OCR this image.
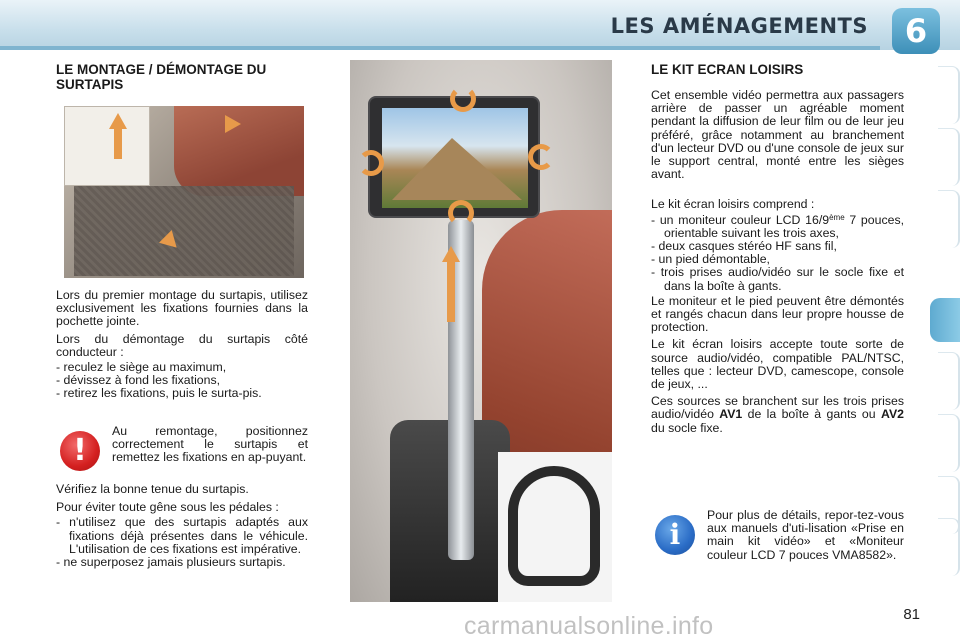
LES AMÉNAGEMENTS	6
LE MONTAGE / DÉMONTAGE DU SURTAPIS

Lors du premier montage du surtapis, utilisez exclusivement les fixations fournies dans la pochette jointe.

Lors du démontage du surtapis côté conducteur :

- reculez le siège au maximum,
- dévissez à fond les fixations,
- retirez les fixations, puis le surta-pis.
!
Au remontage, positionnez correctement le surtapis et remettez les fixations en ap-puyant.

Vérifiez la bonne tenue du surtapis.

Pour éviter toute gêne sous les pédales :

- n'utilisez que des surtapis adaptés aux fixations déjà présentes dans le véhicule. L'utilisation de ces fixations est impérative.
- ne superposez jamais plusieurs surtapis.
LE KIT ECRAN LOISIRS

Cet ensemble vidéo permettra aux passagers arrière de passer un agréable moment pendant la diffusion de leur film ou de leur jeu préféré, grâce notamment au branchement d'un lecteur DVD ou d'une console de jeux sur le support central, monté entre les sièges avant.

Le kit écran loisirs comprend :

- un moniteur couleur LCD 16/9ème 7 pouces, orientable suivant les trois axes,
- deux casques stéréo HF sans fil,
- un pied démontable,
- trois prises audio/vidéo sur le socle fixe et dans la boîte à gants.

Le moniteur et le pied peuvent être démontés et rangés chacun dans leur propre housse de protection.

Le kit écran loisirs accepte toute sorte de source audio/vidéo, compatible PAL/NTSC, telles que : lecteur DVD, camescope, console de jeux, ...

Ces sources se branchent sur les trois prises audio/vidéo AV1 de la boîte à gants ou AV2 du socle fixe.

i
Pour plus de détails, repor-tez-vous aux manuels d'uti-lisation «Prise en main kit vidéo» et «Moniteur couleur LCD 7 pouces VMA8582».
81
carmanualsonline.info
